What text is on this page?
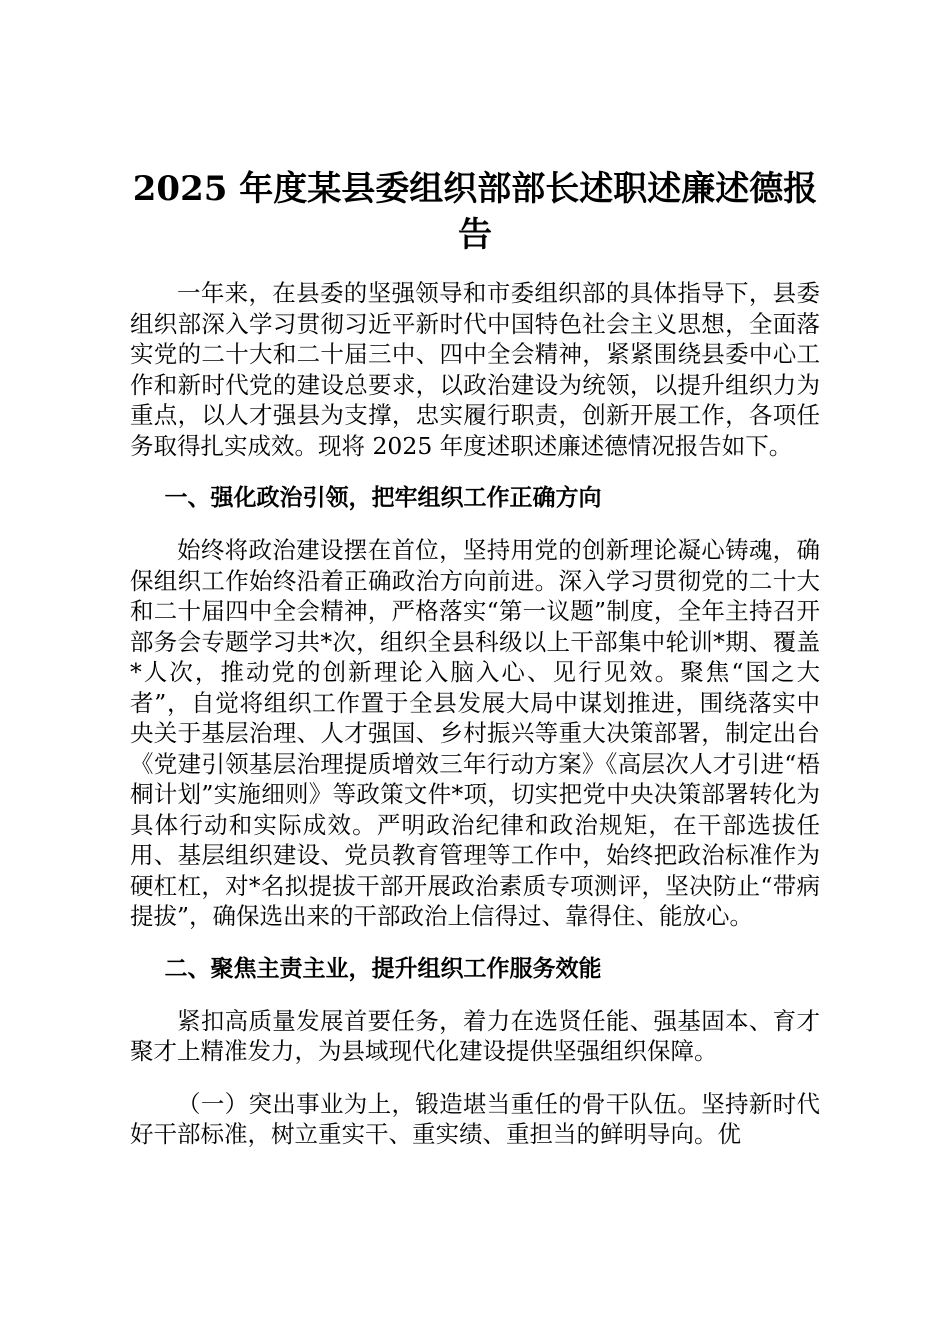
2025 年度某县委组织部部长述职述廉述德报告

一年来，在县委的坚强领导和市委组织部的具体指导下，县委组织部深入学习贯彻习近平新时代中国特色社会主义思想，全面落实党的二十大和二十届三中、四中全会精神，紧紧围绕县委中心工作和新时代党的建设总要求，以政治建设为统领，以提升组织力为重点，以人才强县为支撑，忠实履行职责，创新开展工作，各项任务取得扎实成效。现将 2025 年度述职述廉述德情况报告如下。

一、强化政治引领，把牢组织工作正确方向

始终将政治建设摆在首位，坚持用党的创新理论凝心铸魂，确保组织工作始终沿着正确政治方向前进。深入学习贯彻党的二十大和二十届四中全会精神，严格落实“第一议题”制度，全年主持召开部务会专题学习共*次，组织全县科级以上干部集中轮训*期、覆盖*人次，推动党的创新理论入脑入心、见行见效。聚焦“国之大者”，自觉将组织工作置于全县发展大局中谋划推进，围绕落实中央关于基层治理、人才强国、乡村振兴等重大决策部署，制定出台《党建引领基层治理提质增效三年行动方案》《高层次人才引进“梧桐计划”实施细则》等政策文件*项，切实把党中央决策部署转化为具体行动和实际成效。严明政治纪律和政治规矩，在干部选拔任用、基层组织建设、党员教育管理等工作中，始终把政治标准作为硬杠杠，对*名拟提拔干部开展政治素质专项测评，坚决防止“带病提拔”，确保选出来的干部政治上信得过、靠得住、能放心。

二、聚焦主责主业，提升组织工作服务效能

紧扣高质量发展首要任务，着力在选贤任能、强基固本、育才聚才上精准发力，为县域现代化建设提供坚强组织保障。

（一）突出事业为上，锻造堪当重任的骨干队伍。坚持新时代好干部标准，树立重实干、重实绩、重担当的鲜明导向。优
